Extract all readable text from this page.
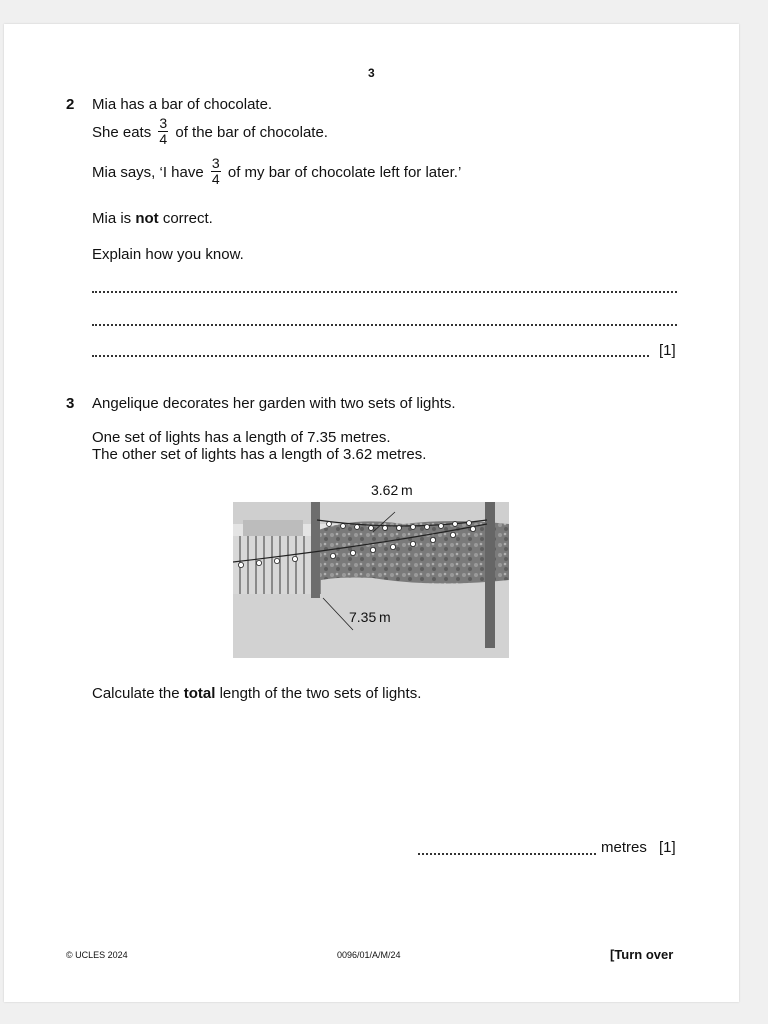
3
2 Mia has a bar of chocolate.
She eats $\frac{3}{4}$ of the bar of chocolate.
Mia says, ‘I have $\frac{3}{4}$ of my bar of chocolate left for later.’
Mia is not correct.
Explain how you know.
[1]
3 Angelique decorates her garden with two sets of lights.
One set of lights has a length of 7.35 metres.
The other set of lights has a length of 3.62 metres.
3.62 m
7.35 m
Calculate the total length of the two sets of lights.
metres [1]
© UCLES 2024	0096/01/A/M/24	[Turn over
